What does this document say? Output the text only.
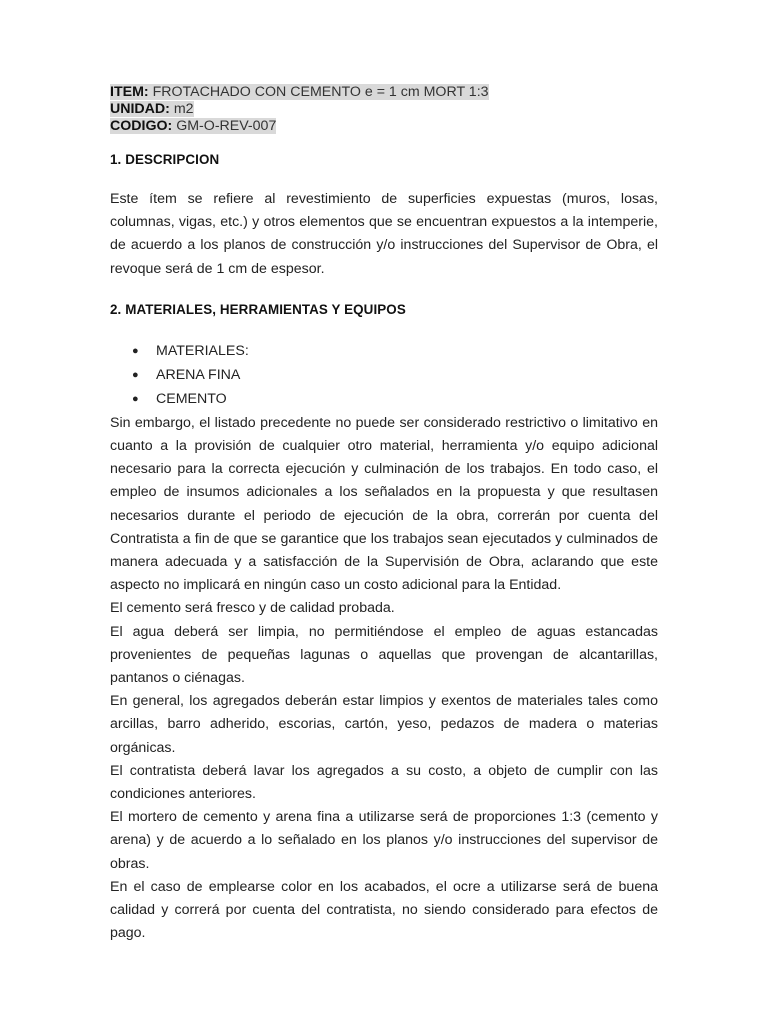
ITEM: FROTACHADO CON CEMENTO e = 1 cm MORT 1:3
UNIDAD: m2
CODIGO: GM-O-REV-007
1. DESCRIPCION

Este ítem se refiere al revestimiento de superficies expuestas (muros, losas, columnas, vigas, etc.) y otros elementos que se encuentran expuestos a la intemperie, de acuerdo a los planos de construcción y/o instrucciones del Supervisor de Obra, el revoque será de 1 cm de espesor.

2. MATERIALES, HERRAMIENTAS Y EQUIPOS
● MATERIALES:
● ARENA FINA
● CEMENTO

Sin embargo, el listado precedente no puede ser considerado restrictivo o limitativo en cuanto a la provisión de cualquier otro material, herramienta y/o equipo adicional necesario para la correcta ejecución y culminación de los trabajos. En todo caso, el empleo de insumos adicionales a los señalados en la propuesta y que resultasen necesarios durante el periodo de ejecución de la obra, correrán por cuenta del Contratista a fin de que se garantice que los trabajos sean ejecutados y culminados de manera adecuada y a satisfacción de la Supervisión de Obra, aclarando que este aspecto no implicará en ningún caso un costo adicional para la Entidad.

El cemento será fresco y de calidad probada.

El agua deberá ser limpia, no permitiéndose el empleo de aguas estancadas provenientes de pequeñas lagunas o aquellas que provengan de alcantarillas, pantanos o ciénagas.

En general, los agregados deberán estar limpios y exentos de materiales tales como arcillas, barro adherido, escorias, cartón, yeso, pedazos de madera o materias orgánicas.

El contratista deberá lavar los agregados a su costo, a objeto de cumplir con las condiciones anteriores.

El mortero de cemento y arena fina a utilizarse será de proporciones 1:3 (cemento y arena) y de acuerdo a lo señalado en los planos y/o instrucciones del supervisor de obras.

En el caso de emplearse color en los acabados, el ocre a utilizarse será de buena calidad y correrá por cuenta del contratista, no siendo considerado para efectos de pago.
